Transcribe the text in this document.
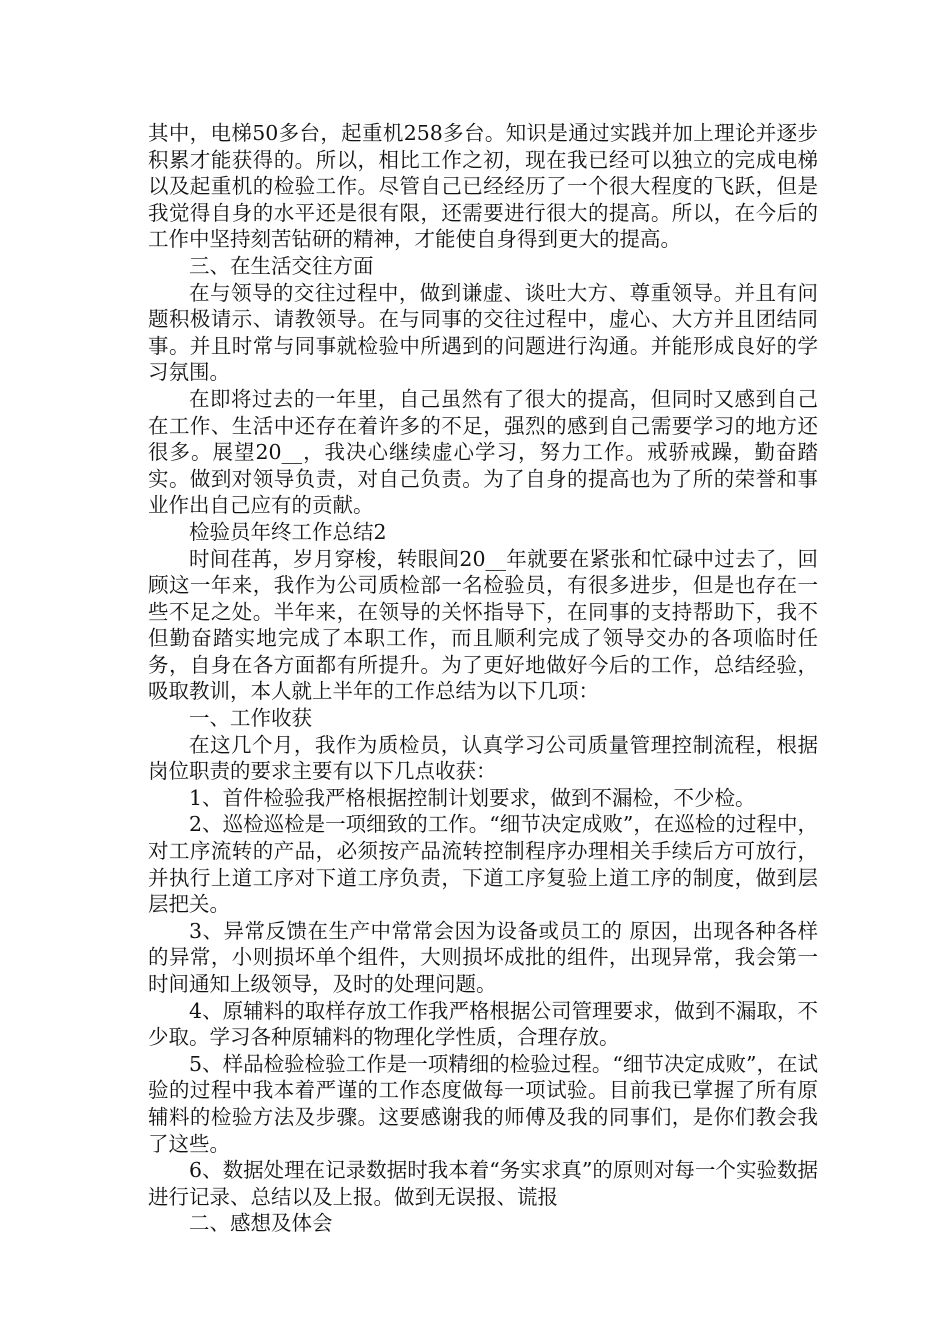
其中，电梯50多台，起重机258多台。知识是通过实践并加上理论并逐步积累才能获得的。所以，相比工作之初，现在我已经可以独立的完成电梯以及起重机的检验工作。尽管自己已经经历了一个很大程度的飞跃，但是我觉得自身的水平还是很有限，还需要进行很大的提高。所以，在今后的工作中坚持刻苦钻研的精神，才能使自身得到更大的提高。

三、在生活交往方面

在与领导的交往过程中，做到谦虚、谈吐大方、尊重领导。并且有问题积极请示、请教领导。在与同事的交往过程中，虚心、大方并且团结同事。并且时常与同事就检验中所遇到的问题进行沟通。并能形成良好的学习氛围。

在即将过去的一年里，自己虽然有了很大的提高，但同时又感到自己在工作、生活中还存在着许多的不足，强烈的感到自己需要学习的地方还很多。展望20__，我决心继续虚心学习，努力工作。戒骄戒躁，勤奋踏实。做到对领导负责，对自己负责。为了自身的提高也为了所的荣誉和事业作出自己应有的贡献。

检验员年终工作总结2

时间荏苒，岁月穿梭，转眼间20__年就要在紧张和忙碌中过去了，回顾这一年来，我作为公司质检部一名检验员，有很多进步，但是也存在一些不足之处。半年来，在领导的关怀指导下，在同事的支持帮助下，我不但勤奋踏实地完成了本职工作，而且顺利完成了领导交办的各项临时任务，自身在各方面都有所提升。为了更好地做好今后的工作，总结经验，吸取教训，本人就上半年的工作总结为以下几项：

一、工作收获

在这几个月，我作为质检员，认真学习公司质量管理控制流程，根据岗位职责的要求主要有以下几点收获：

1、首件检验我严格根据控制计划要求，做到不漏检，不少检。

2、巡检巡检是一项细致的工作。“细节决定成败”，在巡检的过程中，对工序流转的产品，必须按产品流转控制程序办理相关手续后方可放行，并执行上道工序对下道工序负责，下道工序复验上道工序的制度，做到层层把关。

3、异常反馈在生产中常常会因为设备或员工的 原因，出现各种各样的异常，小则损坏单个组件，大则损坏成批的组件，出现异常，我会第一时间通知上级领导，及时的处理问题。

4、原辅料的取样存放工作我严格根据公司管理要求，做到不漏取，不少取。学习各种原辅料的物理化学性质，合理存放。

5、样品检验检验工作是一项精细的检验过程。“细节决定成败”，在试验的过程中我本着严谨的工作态度做每一项试验。目前我已掌握了所有原辅料的检验方法及步骤。这要感谢我的师傅及我的同事们，是你们教会我了这些。

6、数据处理在记录数据时我本着“务实求真”的原则对每一个实验数据进行记录、总结以及上报。做到无误报、谎报

二、感想及体会
